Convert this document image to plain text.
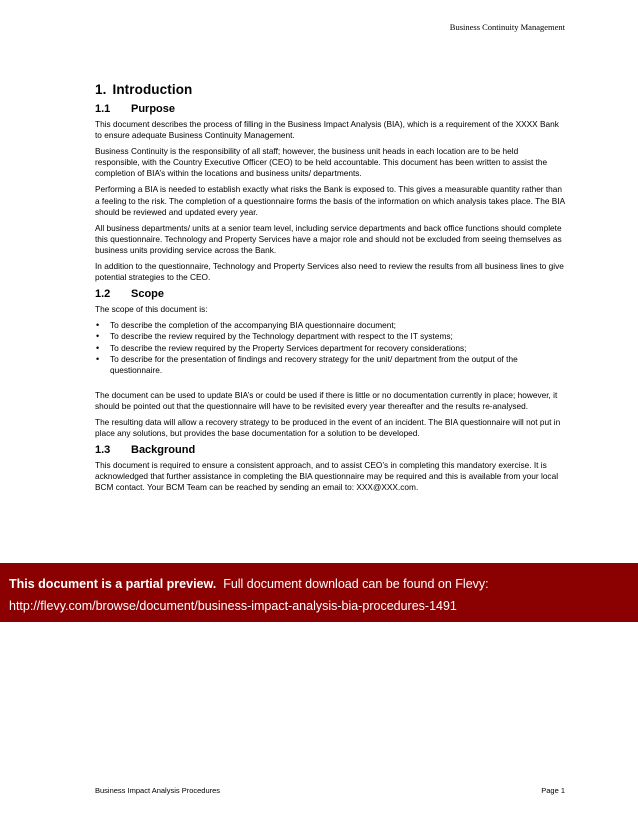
Business Continuity Management
1. Introduction
1.1	Purpose

This document describes the process of filling in the Business Impact Analysis (BIA), which is a requirement of the XXXX Bank to ensure adequate Business Continuity Management.

Business Continuity is the responsibility of all staff; however, the business unit heads in each location are to be held responsible, with the Country Executive Officer (CEO) to be held accountable. This document has been written to assist the completion of BIA’s within the locations and business units/ departments.

Performing a BIA is needed to establish exactly what risks the Bank is exposed to. This gives a measurable quantity rather than a feeling to the risk. The completion of a questionnaire forms the basis of the information on which analysis takes place. The BIA should be reviewed and updated every year.

All business departments/ units at a senior team level, including service departments and back office functions should complete this questionnaire. Technology and Property Services have a major role and should not be excluded from seeing themselves as business units providing service across the Bank.

In addition to the questionnaire, Technology and Property Services also need to review the results from all business lines to give potential strategies to the CEO.

1.2	Scope

The scope of this document is:

• To describe the completion of the accompanying BIA questionnaire document;
• To describe the review required by the Technology department with respect to the IT systems;
• To describe the review required by the Property Services department for recovery considerations;
• To describe for the presentation of findings and recovery strategy for the unit/ department from the output of the questionnaire.

The document can be used to update BIA’s or could be used if there is little or no documentation currently in place; however, it should be pointed out that the questionnaire will have to be revisited every year thereafter and the results re-analysed.

The resulting data will allow a recovery strategy to be produced in the event of an incident. The BIA questionnaire will not put in place any solutions, but provides the base documentation for a solution to be developed.

1.3	Background

This document is required to ensure a consistent approach, and to assist CEO’s in completing this mandatory exercise. It is acknowledged that further assistance in completing the BIA questionnaire may be required and this is available from your local BCM contact. Your BCM Team can be reached by sending an email to: XXX@XXX.com.

This document is a partial preview. Full document download can be found on Flevy:
http://flevy.com/browse/document/business-impact-analysis-bia-procedures-1491
Business Impact Analysis Procedures	Page 1
